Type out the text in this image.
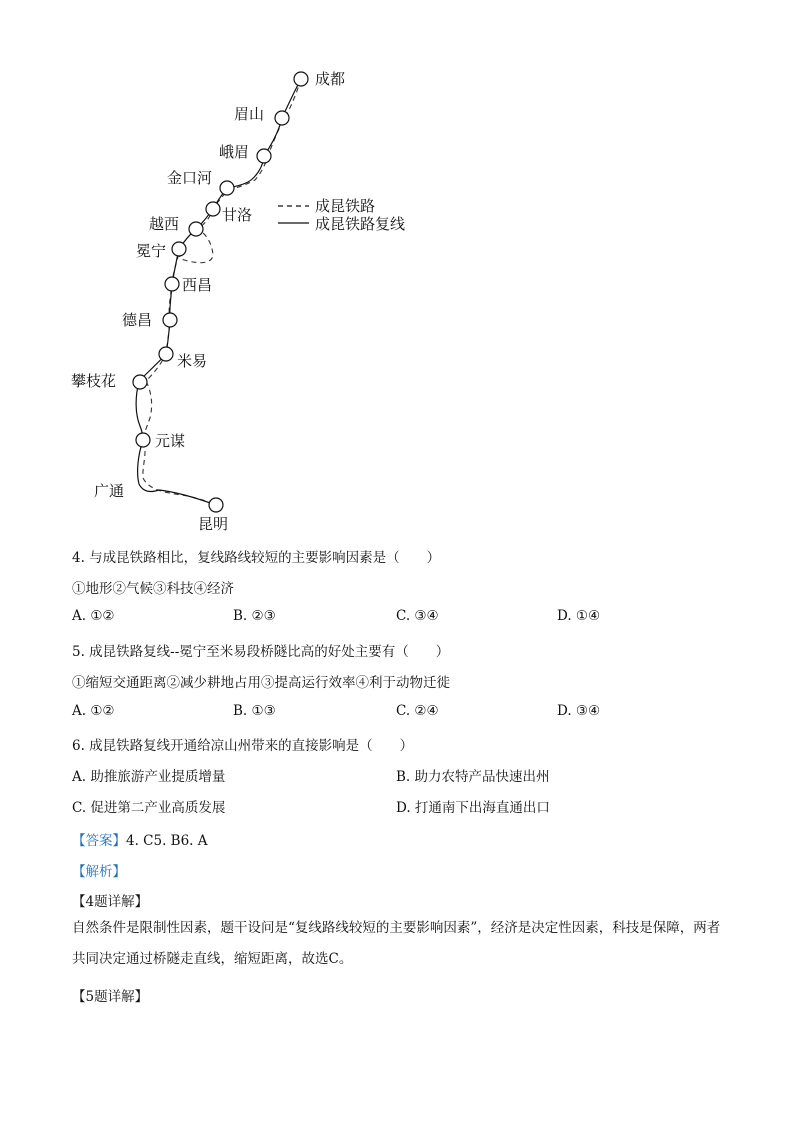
成都
眉山
峨眉
金口河
甘洛
越西
冕宁
西昌
德昌
米易
攀枝花
元谋
广通
昆明
成昆铁路
成昆铁路复线
4. 与成昆铁路相比，复线路线较短的主要影响因素是（　　）
①地形②气候③科技④经济
A. ①②	B. ②③	C. ③④	D. ①④
5. 成昆铁路复线--冕宁至米易段桥隧比高的好处主要有（　　）
①缩短交通距离②减少耕地占用③提高运行效率④利于动物迁徙
A. ①②	B. ①③	C. ②④	D. ③④
6. 成昆铁路复线开通给凉山州带来的直接影响是（　　）
A. 助推旅游产业提质增量	B. 助力农特产品快速出州
C. 促进第二产业高质发展	D. 打通南下出海直通出口
【答案】4. C5. B6. A
【解析】
【4题详解】
自然条件是限制性因素，题干设问是“复线路线较短的主要影响因素”，经济是决定性因素，科技是保障，两者共同决定通过桥隧走直线，缩短距离，故选C。
【5题详解】
